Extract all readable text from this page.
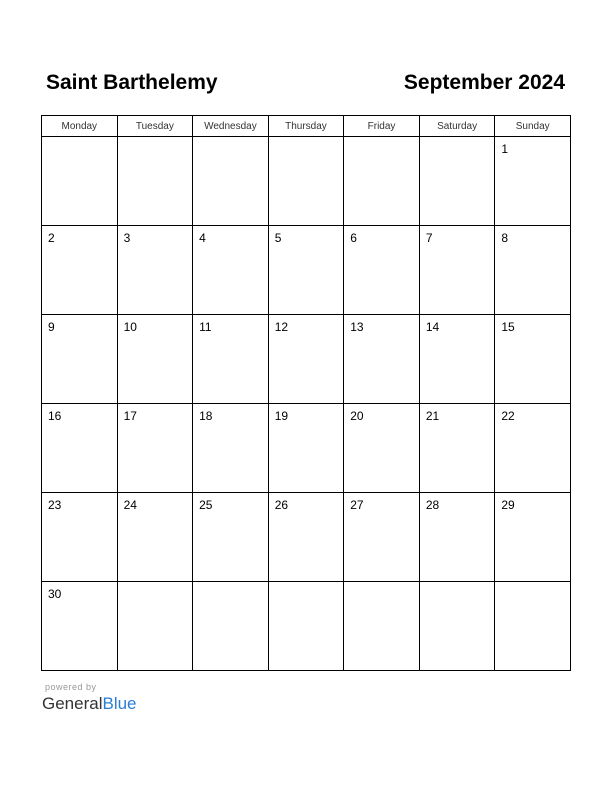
Saint Barthelemy	September 2024
Monday	Tuesday	Wednesday	Thursday	Friday	Saturday	Sunday

						1

2	3	4	5	6	7	8

9	10	11	12	13	14	15

16	17	18	19	20	21	22

23	24	25	26	27	28	29

30						

powered by
GeneralBlue
